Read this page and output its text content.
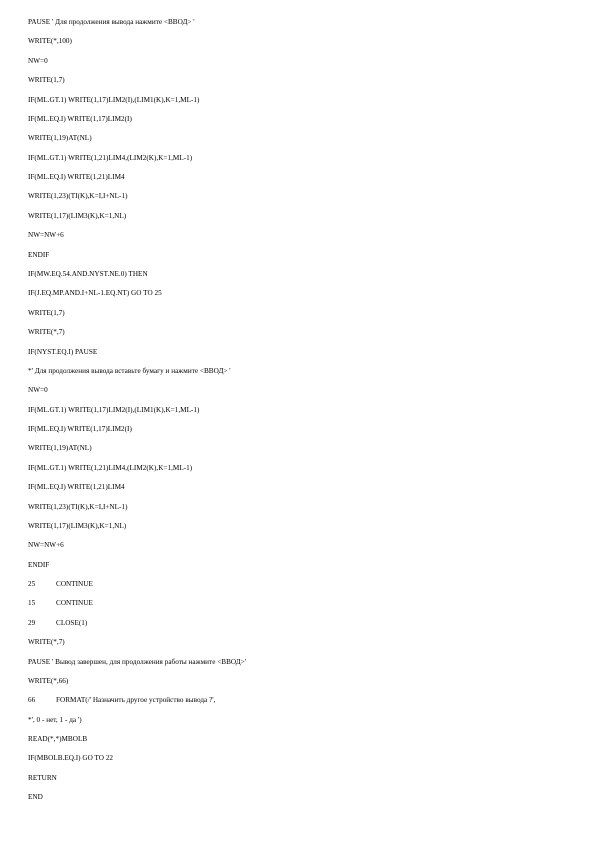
PAUSE ' Для продолжения вывода нажмите <ВВОД> '
WRITE(*,100)
NW=0
WRITE(1,7)
IF(ML.GT.1) WRITE(1,17)LIM2(I),(LIM1(K),K=1,ML-1)
IF(ML.EQ.I) WRITE(1,17)LIM2(I)
WRITE(1,19)AT(NL)
IF(ML.GT.1) WRITE(1,21)LIM4,(LIM2(K),K=1,ML-1)
IF(ML.EQ.I) WRITE(1,21)LIM4
WRITE(1,23)(TI(K),K=I,I+NL-1)
WRITE(1,17)(LIM3(K),K=1,NL)
NW=NW+6
ENDIF
IF(MW.EQ.54.AND.NYST.NE.0) THEN
IF(J.EQ.MP.AND.I+NL-1.EQ.NT) GO TO 25
WRITE(1,7)
WRITE(*,7)
IF(NYST.EQ.I) PAUSE
*' Для продолжения вывода вставьте бумагу и нажмите <ВВОД> '
NW=0
IF(ML.GT.1) WRITE(1,17)LIM2(I),(LIM1(K),K=1,ML-1)
IF(ML.EQ.I) WRITE(1,17)LIM2(I)
WRITE(1,19)AT(NL)
IF(ML.GT.1) WRITE(1,21)LIM4,(LIM2(K),K=1,ML-1)
IF(ML.EQ.I) WRITE(1,21)LIM4
WRITE(1,23)(TI(K),K=I,I+NL-1)
WRITE(1,17)(LIM3(K),K=1,NL)
NW=NW+6
ENDIF
25	CONTINUE
15	CONTINUE
29	CLOSE(1)
WRITE(*,7)
PAUSE ' Вывод завершен, для продолжения работы нажмите <ВВОД>'
WRITE(*,66)
66	FORMAT(/' Назначить другое устройство вывода ?',
*', 0 - нет, 1 - да ')
READ(*,*)MBOLB
IF(MBOLB.EQ.I) GO TO 22
RETURN
END
